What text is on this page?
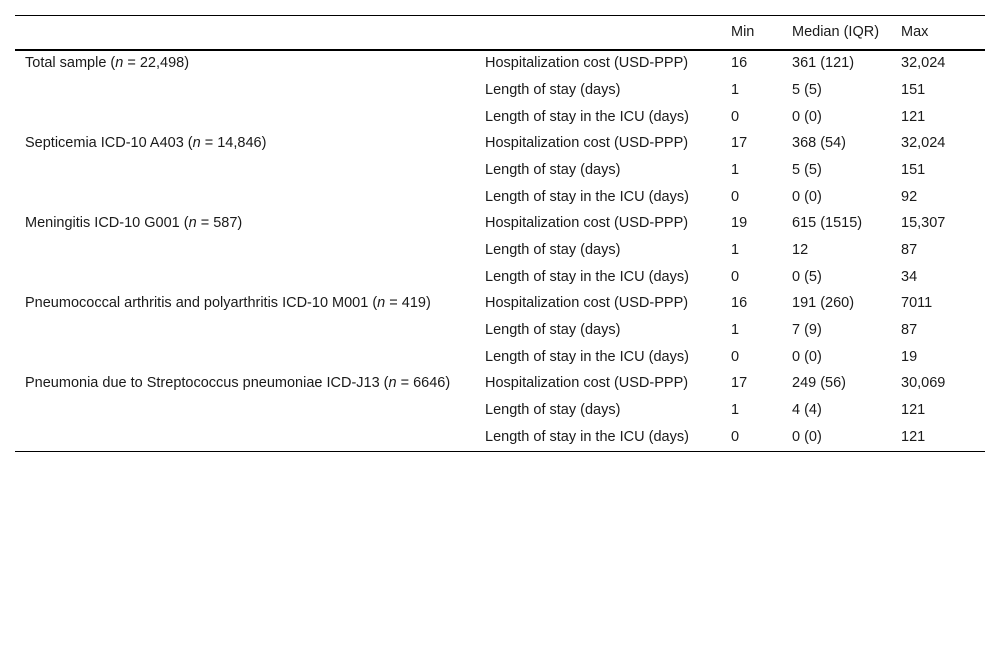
		Min	Median (IQR)	Max
Total sample (n = 22,498)	Hospitalization cost (USD-PPP)	16	361 (121)	32,024
	Length of stay (days)	1	5 (5)	151
	Length of stay in the ICU (days)	0	0 (0)	121
Septicemia ICD-10 A403 (n = 14,846)	Hospitalization cost (USD-PPP)	17	368 (54)	32,024
	Length of stay (days)	1	5 (5)	151
	Length of stay in the ICU (days)	0	0 (0)	92
Meningitis ICD-10 G001 (n = 587)	Hospitalization cost (USD-PPP)	19	615 (1515)	15,307
	Length of stay (days)	1	12	87
	Length of stay in the ICU (days)	0	0 (5)	34
Pneumococcal arthritis and polyarthritis ICD-10 M001 (n = 419)	Hospitalization cost (USD-PPP)	16	191 (260)	7011
	Length of stay (days)	1	7 (9)	87
	Length of stay in the ICU (days)	0	0 (0)	19
Pneumonia due to Streptococcus pneumoniae ICD-J13 (n = 6646)	Hospitalization cost (USD-PPP)	17	249 (56)	30,069
	Length of stay (days)	1	4 (4)	121
	Length of stay in the ICU (days)	0	0 (0)	121
